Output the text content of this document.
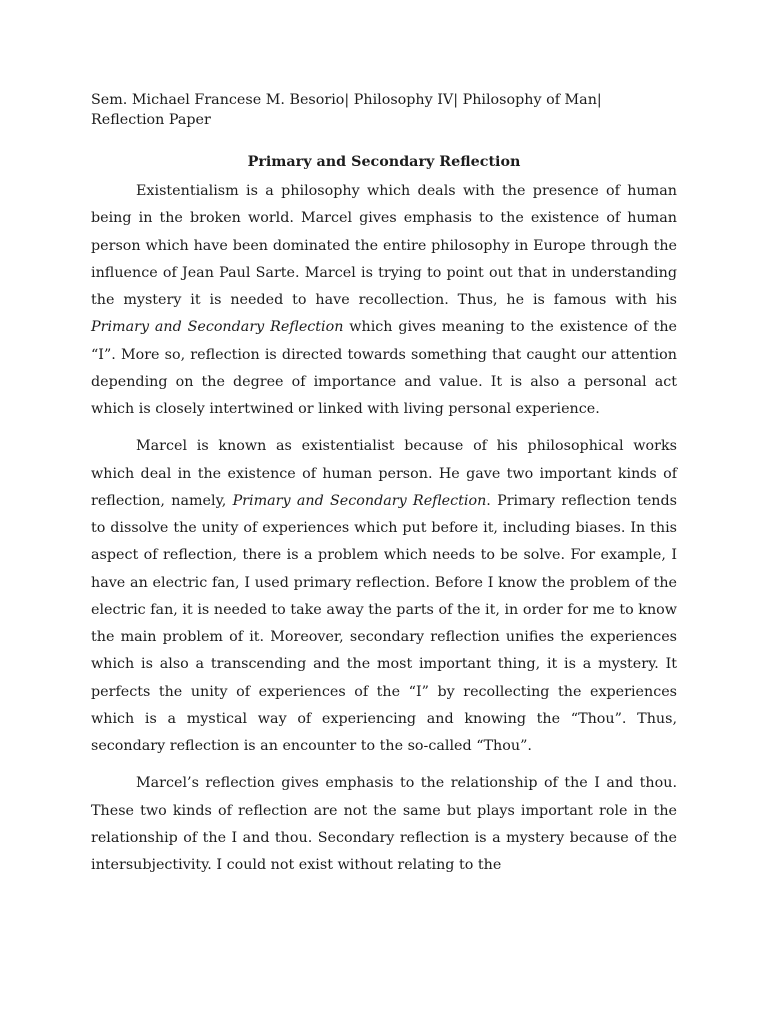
Sem. Michael Francese M. Besorio| Philosophy IV| Philosophy of Man|
Reflection Paper

Primary and Secondary Reflection

Existentialism is a philosophy which deals with the presence of human being in the broken world. Marcel gives emphasis to the existence of human person which have been dominated the entire philosophy in Europe through the influence of Jean Paul Sarte. Marcel is trying to point out that in understanding the mystery it is needed to have recollection. Thus, he is famous with his Primary and Secondary Reflection which gives meaning to the existence of the “I”. More so, reflection is directed towards something that caught our attention depending on the degree of importance and value. It is also a personal act which is closely intertwined or linked with living personal experience.

Marcel is known as existentialist because of his philosophical works which deal in the existence of human person. He gave two important kinds of reflection, namely, Primary and Secondary Reflection. Primary reflection tends to dissolve the unity of experiences which put before it, including biases. In this aspect of reflection, there is a problem which needs to be solve. For example, I have an electric fan, I used primary reflection. Before I know the problem of the electric fan, it is needed to take away the parts of the it, in order for me to know the main problem of it. Moreover, secondary reflection unifies the experiences which is also a transcending and the most important thing, it is a mystery. It perfects the unity of experiences of the “I” by recollecting the experiences which is a mystical way of experiencing and knowing the “Thou”. Thus, secondary reflection is an encounter to the so-called “Thou”.

Marcel’s reflection gives emphasis to the relationship of the I and thou. These two kinds of reflection are not the same but plays important role in the relationship of the I and thou. Secondary reflection is a mystery because of the intersubjectivity. I could not exist without relating to the
